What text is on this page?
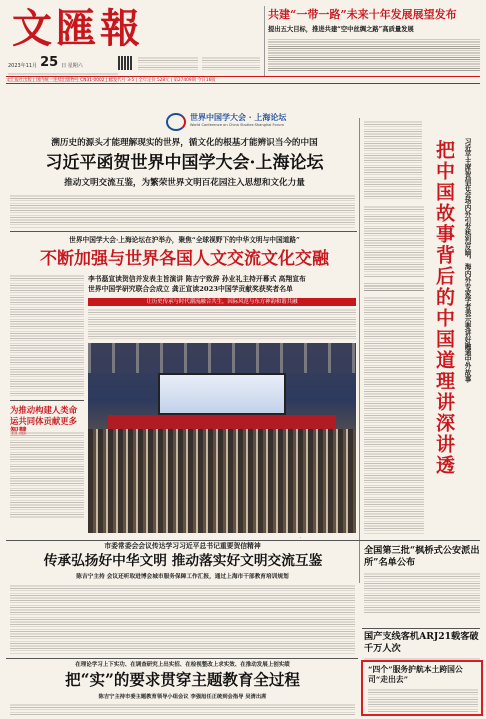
文匯報
2023年11月 25 日 星期六
共建“一带一路”未来十年发展展望发布
提出五大目标，推进共建“空中丝绸之路”高质量发展
文汇报社出版 | 国内统一连续出版物号 CN31-0002 | 邮发代号 3-5 | 全年定价 528元 | 第27409期 今日16版
世界中国学大会 · 上海论坛
World Conference on China Studies·Shanghai Forum
溯历史的源头才能理解现实的世界，循文化的根基才能辨识当今的中国
习近平函贺世界中国学大会·上海论坛
推动文明交流互鉴，为繁荣世界文明百花园注入思想和文化力量
世界中国学大会·上海论坛在沪举办，聚焦“全球视野下的中华文明与中国道路”
不断加强与世界各国人文交流文化交融
李书磊宣读贺信并发表主旨演讲 陈吉宁致辞 孙业礼主持开幕式 高翔宣布
世界中国学研究联合会成立 龚正宣读2023中国学贡献奖获奖者名单
让历史传承与时代潮流融合共生，因际风范与东方神韵和谐共融
·
为推动构建人类命运共同体贡献更多
习近平主席贺信在会场内外引发热烈反响，海内外专家学者表示要讲好融通中外故事
把中国故事背后的中国道理讲深讲透
市委常委会会议传达学习习近平总书记重要贺信精神
传承弘扬好中华文明 推动落实好文明交流互鉴
陈吉宁主持 会议还听取进博会城市服务保障工作汇报，通过上海市干部教育培训规划
在理论学习上下实功、在调查研究上出实招、在检视整改上求实效、在推动发展上创实绩
把“实”的要求贯穿主题教育全过程
陈吉宁主持市委主题教育领导小组会议 李强旭任正统到会指导 吴清出席
全国第三批“枫桥式公安派出所”名单公布
国产支线客机ARJ21载客破千万人次
“四个”服务护航本土跨国公司“走出去”
